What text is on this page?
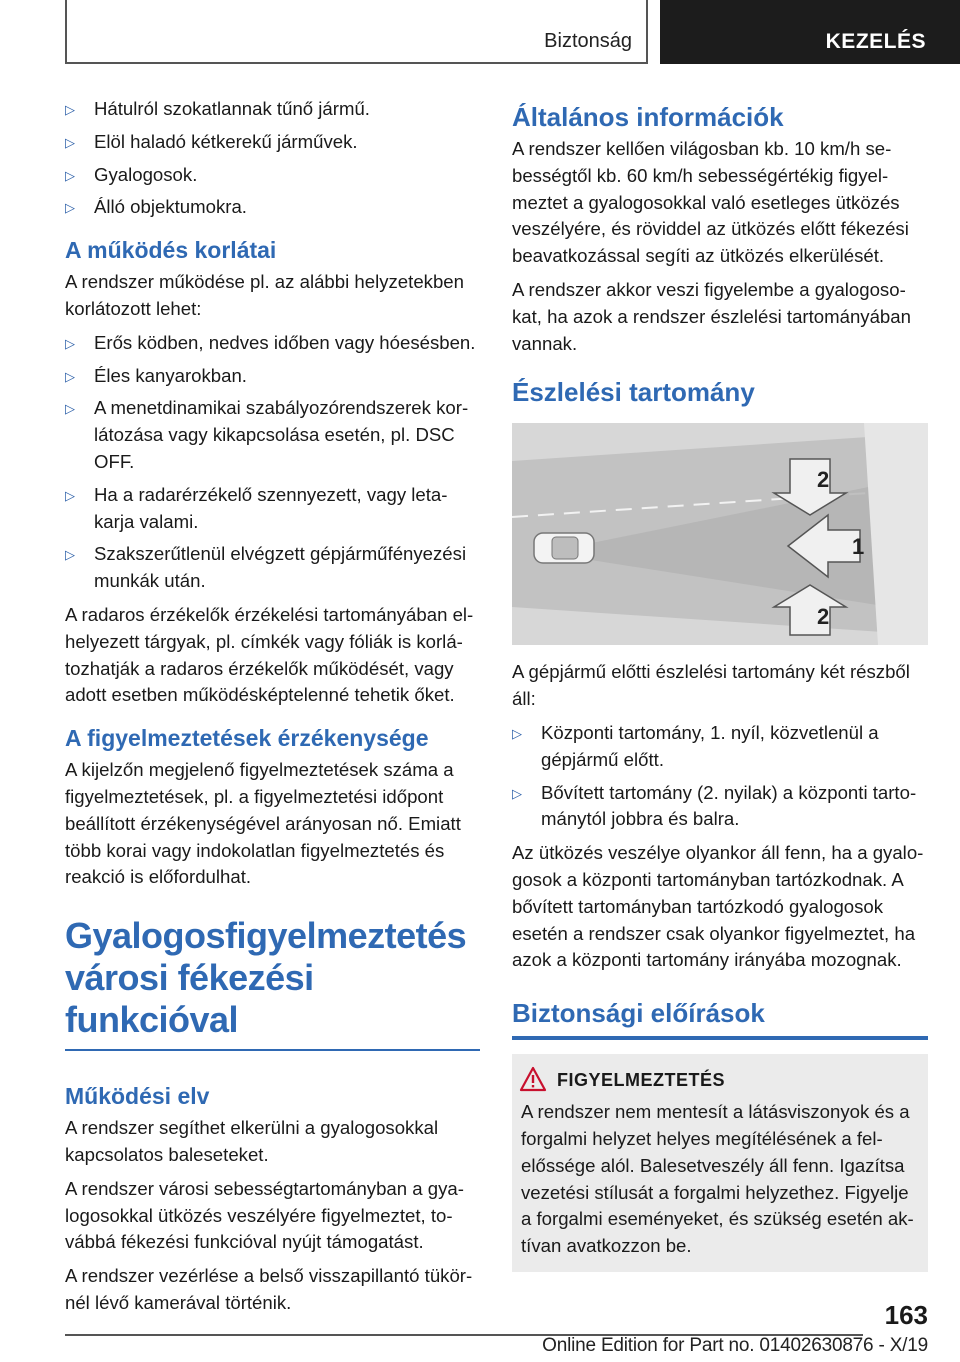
Biztonság	KEZELÉS
▷ Hátulról szokatlannak tűnő jármű.
▷ Elöl haladó kétkerekű járművek.
▷ Gyalogosok.
▷ Álló objektumokra.
A működés korlátai

A rendszer működése pl. az alábbi helyzetekben korlátozott lehet:

▷ Erős ködben, nedves időben vagy hóesésben.
▷ Éles kanyarokban.
▷ A menetdinamikai szabályozórendszerek korlátozása vagy kikapcsolása esetén, pl. DSC OFF.
▷ Ha a radarérzékelő szennyezett, vagy letakarja valami.
▷ Szakszerűtlenül elvégzett gépjárműfényezési munkák után.

A radaros érzékelők érzékelési tartományában elhelyezett tárgyak, pl. címkék vagy fóliák is korlátozhatják a radaros érzékelők működését, vagy adott esetben működésképtelenné tehetik őket.

A figyelmeztetések érzékenysége

A kijelzőn megjelenő figyelmeztetések száma a figyelmeztetések, pl. a figyelmeztetési időpont beállított érzékenységével arányosan nő. Emiatt több korai vagy indokolatlan figyelmeztetés és reakció is előfordulhat.

Gyalogosfigyelmeztetés
városi fékezési funkcióval
Működési elv

A rendszer segíthet elkerülni a gyalogosokkal kapcsolatos baleseteket.

A rendszer városi sebességtartományban a gyalogosokkal ütközés veszélyére figyelmeztet, továbbá fékezési funkcióval nyújt támogatást.

A rendszer vezérlése a belső visszapillantó tükörnél lévő kamerával történik.

Általános információk

A rendszer kellően világosban kb. 10 km/h sebességtől kb. 60 km/h sebességértékig figyelmeztet a gyalogosokkal való esetleges ütközés veszélyére, és röviddel az ütközés előtt fékezési beavatkozással segíti az ütközés elkerülését.

A rendszer akkor veszi figyelembe a gyalogosokat, ha azok a rendszer észlelési tartományában vannak.

Észlelési tartomány
2
1
2

A gépjármű előtti észlelési tartomány két részből áll:

▷ Központi tartomány, 1. nyíl, közvetlenül a gépjármű előtt.
▷ Bővített tartomány (2. nyilak) a központi tartománytól jobbra és balra.

Az ütközés veszélye olyankor áll fenn, ha a gyalogosok a központi tartományban tartózkodnak. A bővített tartományban tartózkodó gyalogosok esetén a rendszer csak olyankor figyelmeztet, ha azok a központi tartomány irányába mozognak.

Biztonsági előírások
FIGYELMEZTETÉS

A rendszer nem mentesít a látásviszonyok és a forgalmi helyzet helyes megítélésének a felelőssége alól. Balesetveszély áll fenn. Igazítsa vezetési stílusát a forgalmi helyzethez. Figyelje a forgalmi eseményeket, és szükség esetén aktívan avatkozzon be.

163
Online Edition for Part no. 01402630876 - X/19
